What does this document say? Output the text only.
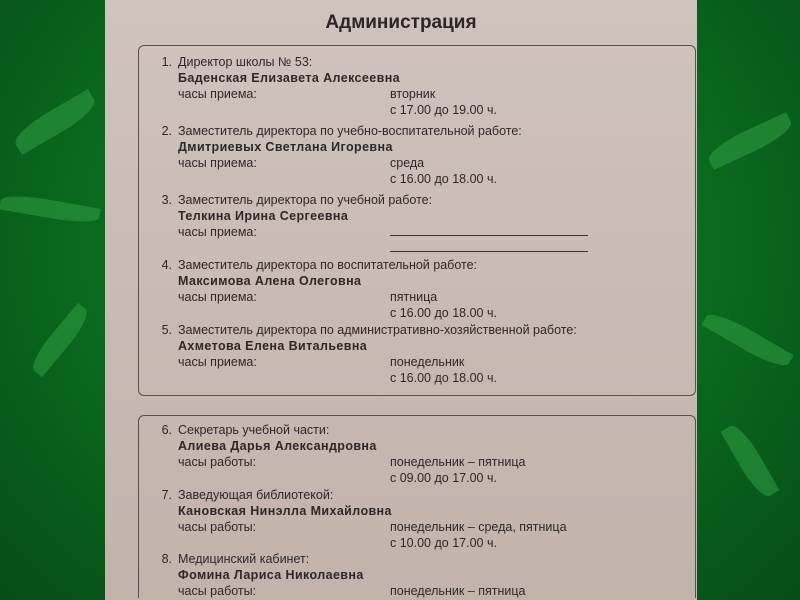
Администрация
1. Директор школы № 53:
Баденская Елизавета Алексеевна
часы приема:	вторник
с 17.00 до 19.00 ч.
2. Заместитель директора по учебно-воспитательной работе:
Дмитриевых Светлана Игоревна
часы приема:	среда
с 16.00 до 18.00 ч.
3. Заместитель директора по учебной работе:
Телкина Ирина Сергеевна
часы приема:
4. Заместитель директора по воспитательной работе:
Максимова Алена Олеговна
часы приема:	пятница
с 16.00 до 18.00 ч.
5. Заместитель директора по административно-хозяйственной работе:
Ахметова Елена Витальевна
часы приема:	понедельник
с 16.00 до 18.00 ч.
6. Секретарь учебной части:
Алиева Дарья Александровна
часы работы:	понедельник – пятница
с 09.00 до 17.00 ч.
7. Заведующая библиотекой:
Кановская Нинэлла Михайловна
часы работы:	понедельник – среда, пятница
с 10.00 до 17.00 ч.
8. Медицинский кабинет:
Фомина Лариса Николаевна
часы работы:	понедельник – пятница
